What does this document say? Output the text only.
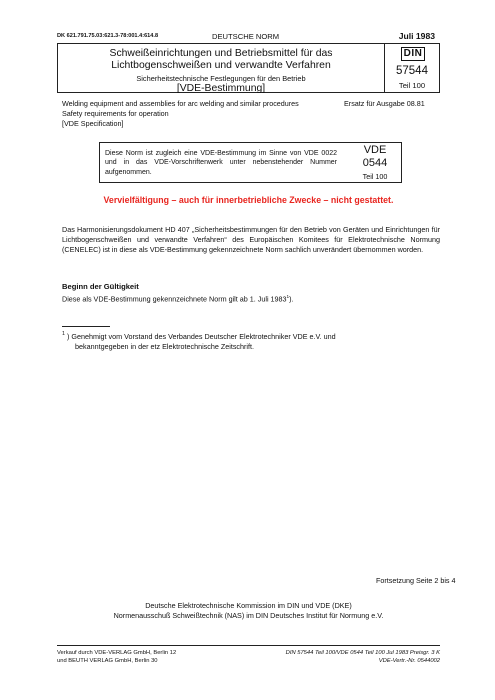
DK 621.791.75.03:621.3-78:001.4:614.8	DEUTSCHE NORM	Juli 1983
Schweißeinrichtungen und Betriebsmittel für das
Lichtbogenschweißen und verwandte Verfahren
Sicherheitstechnische Festlegungen für den Betrieb
[VDE-Bestimmung]
DIN
57544
Teil 100
Welding equipment and assemblies for arc welding and similar procedures
Safety requirements for operation
[VDE Specification]
Ersatz für Ausgabe 08.81
Diese Norm ist zugleich eine VDE-Bestimmung im Sinne von VDE 0022 und in das VDE-Vorschriftenwerk unter nebenstehender Nummer aufgenommen.
VDE
0544
Teil 100
Vervielfältigung – auch für innerbetriebliche Zwecke – nicht gestattet.
Das Harmonisierungsdokument HD 407 „Sicherheitsbestimmungen für den Betrieb von Geräten und Einrichtungen für Lichtbogenschweißen und verwandte Verfahren“ des Europäischen Komitees für Elektrotechnische Normung (CENELEC) ist in diese als VDE-Bestimmung gekennzeichnete Norm sachlich unverändert übernommen worden.
Beginn der Gültigkeit
Diese als VDE-Bestimmung gekennzeichnete Norm gilt ab 1. Juli 1983$^1$).
1 ) Genehmigt vom Vorstand des Verbandes Deutscher Elektrotechniker VDE e.V. und
bekanntgegeben in der etz Elektrotechnische Zeitschrift.
Fortsetzung Seite 2 bis 4
Deutsche Elektrotechnische Kommission im DIN und VDE (DKE)
Normenausschuß Schweißtechnik (NAS) im DIN Deutsches Institut für Normung e.V.
Verkauf durch VDE-VERLAG GmbH, Berlin 12
und BEUTH VERLAG GmbH, Berlin 30
DIN 57544 Teil 100/VDE 0544 Teil 100 Jul 1983 Preisgr. 3 K
VDE-Vertr.-Nr. 0544002
